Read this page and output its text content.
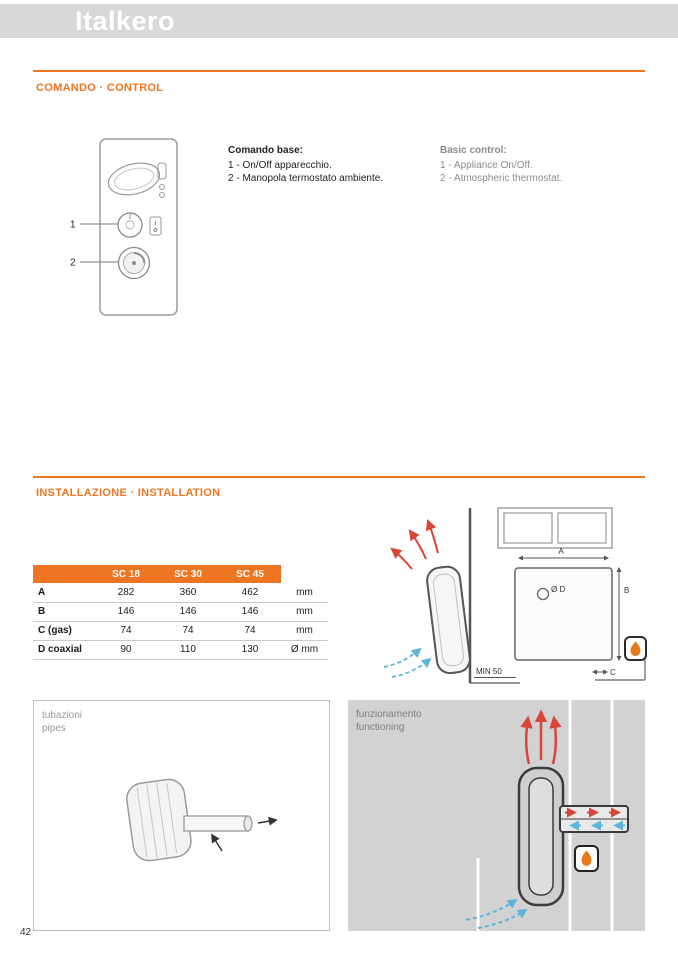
Italkero
COMANDO · CONTROL
1
2
Comando base:
1 - On/Off apparecchio.
2 - Manopola termostato ambiente.
Basic control:
1 - Appliance On/Off.
2 - Atmospheric thermostat.
INSTALLAZIONE · INSTALLATION
	SC 18	SC 30	SC 45	
A	282	360	462	mm
B	146	146	146	mm
C (gas)	74	74	74	mm
D coaxial	90	110	130	Ø mm
MIN 50
A
Ø D	B
C
tubazioni
pipes
funzionamento
functioning
42
